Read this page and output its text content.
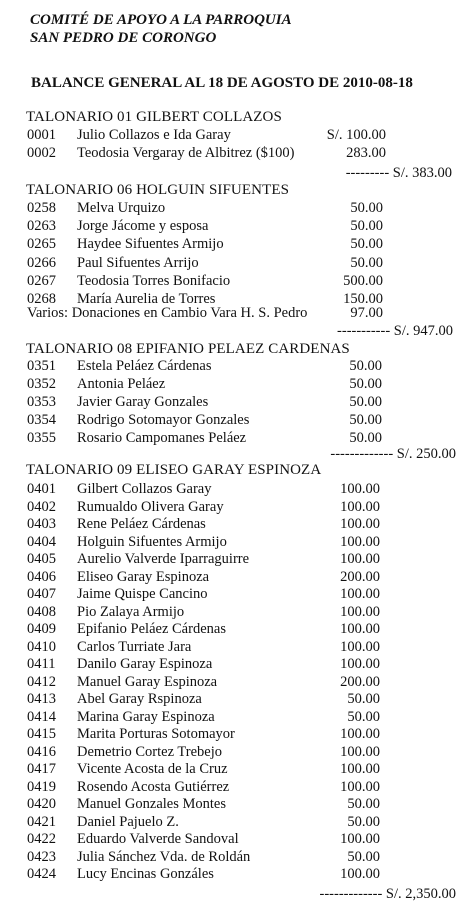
COMITÉ DE APOYO A LA PARROQUIA
SAN PEDRO DE CORONGO
BALANCE GENERAL AL 18 DE AGOSTO DE 2010-08-18
TALONARIO 01 GILBERT COLLAZOS
0001 Julio Collazos e Ida Garay	S/. 100.00
0002 Teodosia Vergaray de Albitrez ($100)	283.00
--------- S/. 383.00
TALONARIO 06 HOLGUIN SIFUENTES
0258 Melva Urquizo	50.00
0263 Jorge Jácome y esposa	50.00
0265 Haydee Sifuentes Armijo	50.00
0266 Paul Sifuentes Arrijo	50.00
0267 Teodosia Torres Bonifacio	500.00
0268 María Aurelia de Torres	150.00
Varios: Donaciones en Cambio Vara H. S. Pedro	97.00
----------- S/. 947.00
TALONARIO 08 EPIFANIO PELAEZ CARDENAS
0351 Estela Peláez Cárdenas	50.00
0352 Antonia Peláez	50.00
0353 Javier Garay Gonzales	50.00
0354 Rodrigo Sotomayor Gonzales	50.00
0355 Rosario Campomanes Peláez	50.00
------------- S/. 250.00
TALONARIO 09 ELISEO GARAY ESPINOZA
0401 Gilbert Collazos Garay	100.00
0402 Rumualdo Olivera Garay	100.00
0403 Rene Peláez Cárdenas	100.00
0404 Holguin Sifuentes Armijo	100.00
0405 Aurelio Valverde Iparraguirre	100.00
0406 Eliseo Garay Espinoza	200.00
0407 Jaime Quispe Cancino	100.00
0408 Pio Zalaya Armijo	100.00
0409 Epifanio Peláez Cárdenas	100.00
0410 Carlos Turriate Jara	100.00
0411 Danilo Garay Espinoza	100.00
0412 Manuel Garay Espinoza	200.00
0413 Abel Garay Rspinoza	50.00
0414 Marina Garay Espinoza	50.00
0415 Marita Porturas Sotomayor	100.00
0416 Demetrio Cortez Trebejo	100.00
0417 Vicente Acosta de la Cruz	100.00
0419 Rosendo Acosta Gutiérrez	100.00
0420 Manuel Gonzales Montes	50.00
0421 Daniel Pajuelo Z.	50.00
0422 Eduardo Valverde Sandoval	100.00
0423 Julia Sánchez Vda. de Roldán	50.00
0424 Lucy Encinas Gonzáles	100.00
------------- S/. 2,350.00
